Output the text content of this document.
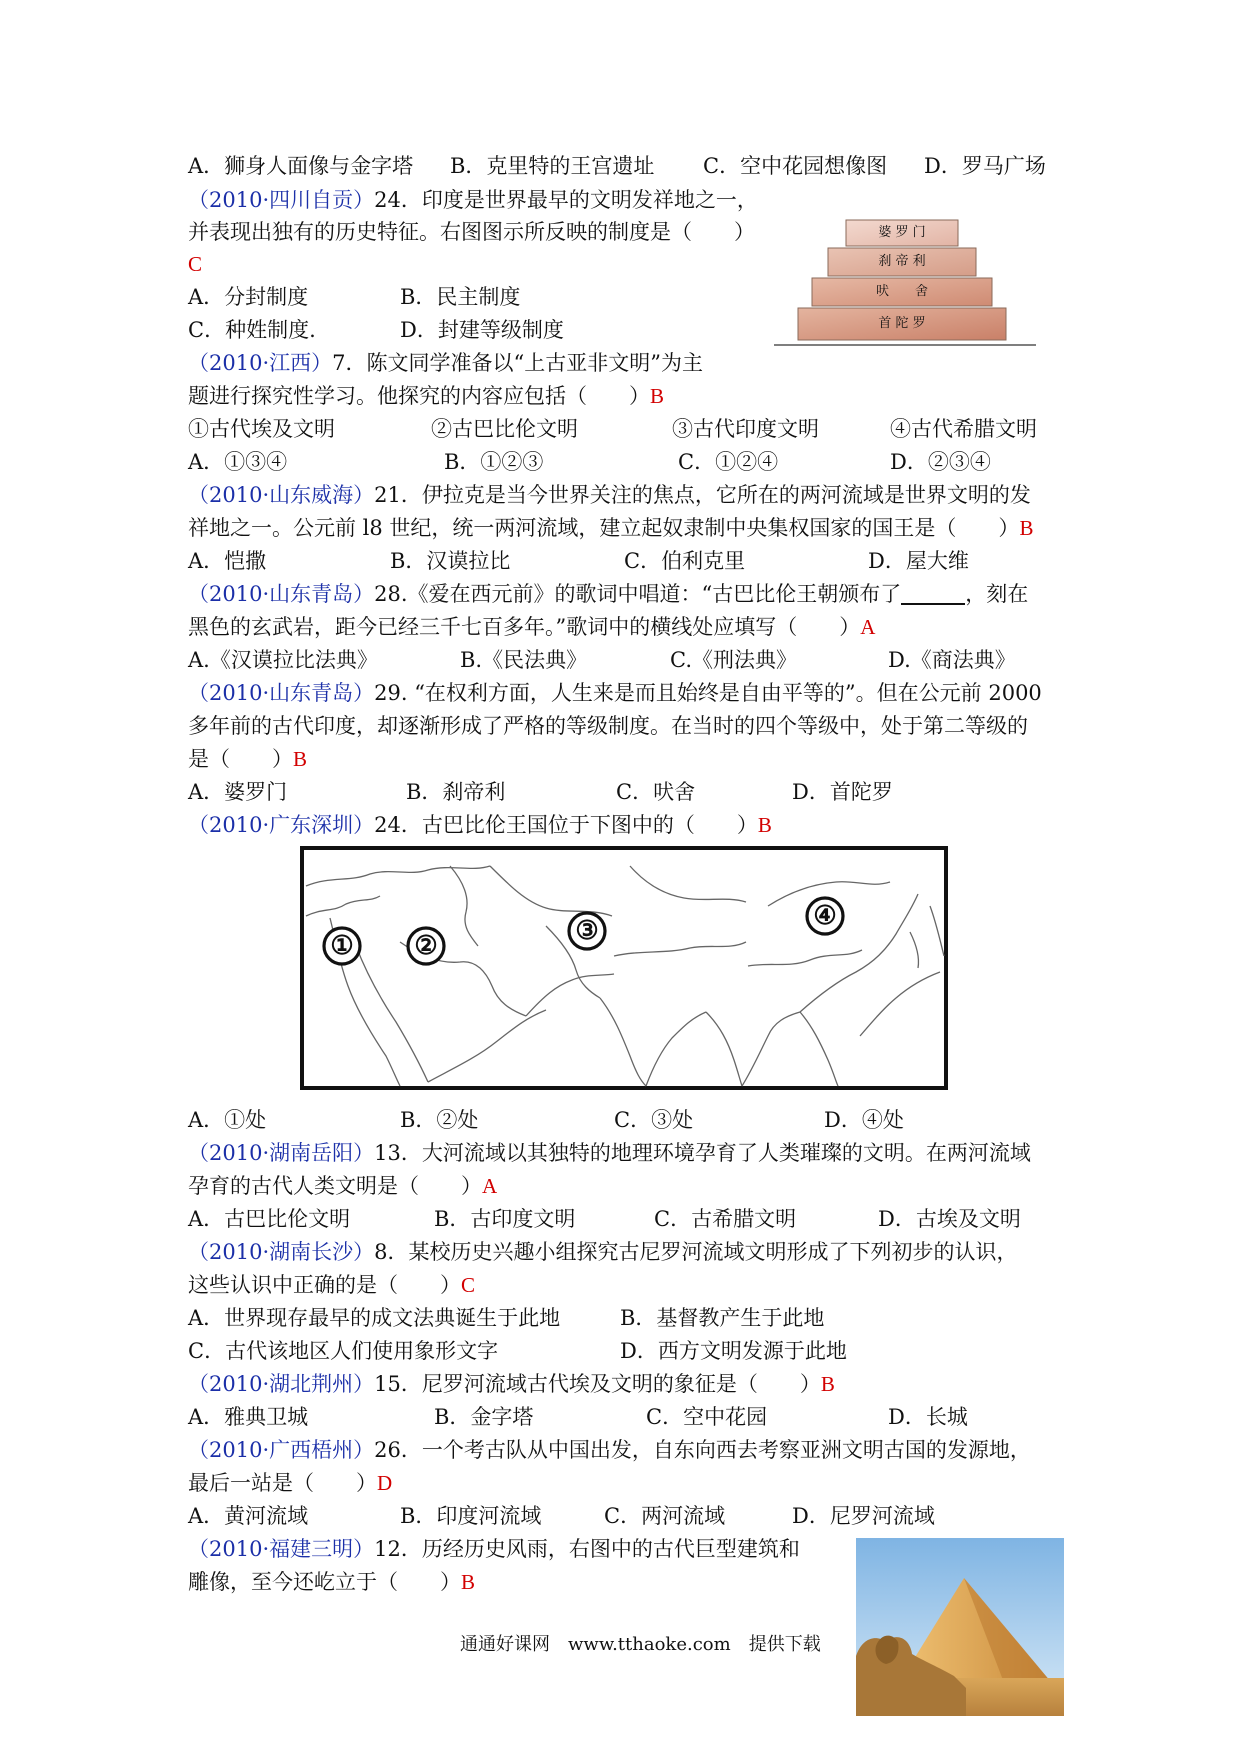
A．狮身人面像与金字塔 B．克里特的王宫遗址 C．空中花园想像图 D．罗马广场
（2010·四川自贡）24．印度是世界最早的文明发祥地之一，
并表现出独有的历史特征。右图图示所反映的制度是（　　）
C
A．分封制度	B．民主制度
C．种姓制度.	D．封建等级制度
婆 罗 门
刹 帝 利
吠　　舍
首 陀 罗
（2010·江西）7．陈文同学准备以“上古亚非文明”为主
题进行探究性学习。他探究的内容应包括（　　）B
①古代埃及文明	②古巴比伦文明	③古代印度文明	④古代希腊文明
A．①③④	B．①②③	C．①②④	D．②③④
（2010·山东威海）21．伊拉克是当今世界关注的焦点，它所在的两河流域是世界文明的发
祥地之一。公元前 l8 世纪，统一两河流域，建立起奴隶制中央集权国家的国王是（　　）B
A．恺撒	B．汉谟拉比	C．伯利克里	D．屋大维
（2010·山东青岛）28.《爱在西元前》的歌词中唱道：“古巴比伦王朝颁布了	，刻在
黑色的玄武岩，距今已经三千七百多年。”歌词中的横线处应填写（　　）A
A.《汉谟拉比法典》	B.《民法典》	C.《刑法典》	D.《商法典》
（2010·山东青岛）29. “在权利方面，人生来是而且始终是自由平等的”。但在公元前 2000
多年前的古代印度，却逐渐形成了严格的等级制度。在当时的四个等级中，处于第二等级的
是（　　）B
A．婆罗门	B．刹帝利	C．吠舍	D．首陀罗
（2010·广东深圳）24．古巴比伦王国位于下图中的（　　）B
① ②	③	④
A．①处	B．②处	C．③处	D．④处
（2010·湖南岳阳）13．大河流域以其独特的地理环境孕育了人类璀璨的文明。在两河流域
孕育的古代人类文明是（　　）A
A．古巴比伦文明	B．古印度文明	C．古希腊文明	D．古埃及文明
（2010·湖南长沙）8．某校历史兴趣小组探究古尼罗河流域文明形成了下列初步的认识，
这些认识中正确的是（　　）C
A．世界现存最早的成文法典诞生于此地	B．基督教产生于此地
C．古代该地区人们使用象形文字	D．西方文明发源于此地
（2010·湖北荆州）15．尼罗河流域古代埃及文明的象征是（　　）B
A．雅典卫城	B．金字塔	C．空中花园	D．长城
（2010·广西梧州）26．一个考古队从中国出发，自东向西去考察亚洲文明古国的发源地，
最后一站是（　　）D
A．黄河流域	B．印度河流域	C．两河流域	D．尼罗河流域
（2010·福建三明）12．历经历史风雨，右图中的古代巨型建筑和
雕像，至今还屹立于（　　）B
通通好课网　www.tthaoke.com　提供下载
